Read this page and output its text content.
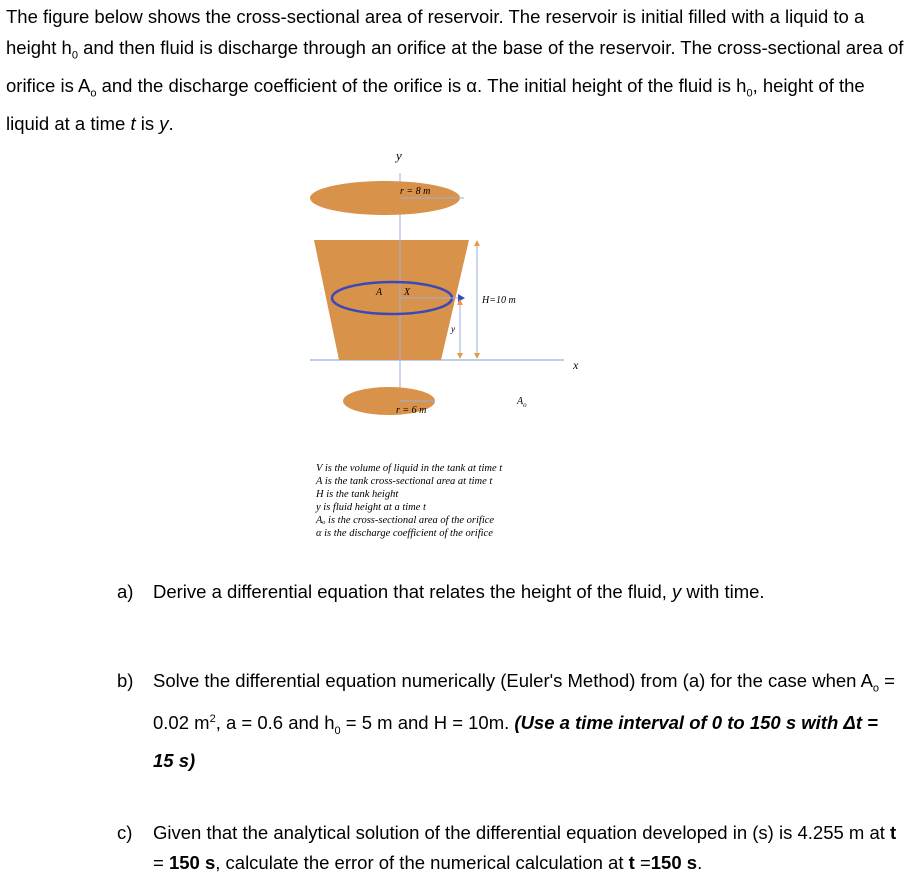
The figure below shows the cross-sectional area of reservoir. The reservoir is initial filled with a liquid to a height $h_0$ and then fluid is discharge through an orifice at the base of the reservoir. The cross-sectional area of orifice is $A_o$ and the discharge coefficient of the orifice is α. The initial height of the fluid is $h_0$, height of the liquid at a time t is y.
y
x
r = 8 m
A X
y
H=10 m
r = 6 m
$A_o$
V is the volume of liquid in the tank at time t
A is the tank cross-sectional area at time t
H is the tank height
y is fluid height at a time t
Aₒ is the cross-sectional area of the orifice
α is the discharge coefficient of the orifice
a) Derive a differential equation that relates the height of the fluid, y with time.
b) Solve the differential equation numerically (Euler's Method) from (a) for the case when $A_o = 0.02$ $m^2$, a = 0.6 and $h_0 = 5$ m and H = 10m. (Use a time interval of 0 to 150 s with Δt = 15 s)
c) Given that the analytical solution of the differential equation developed in (s) is 4.255 m at t = 150 s, calculate the error of the numerical calculation at t =150 s.
